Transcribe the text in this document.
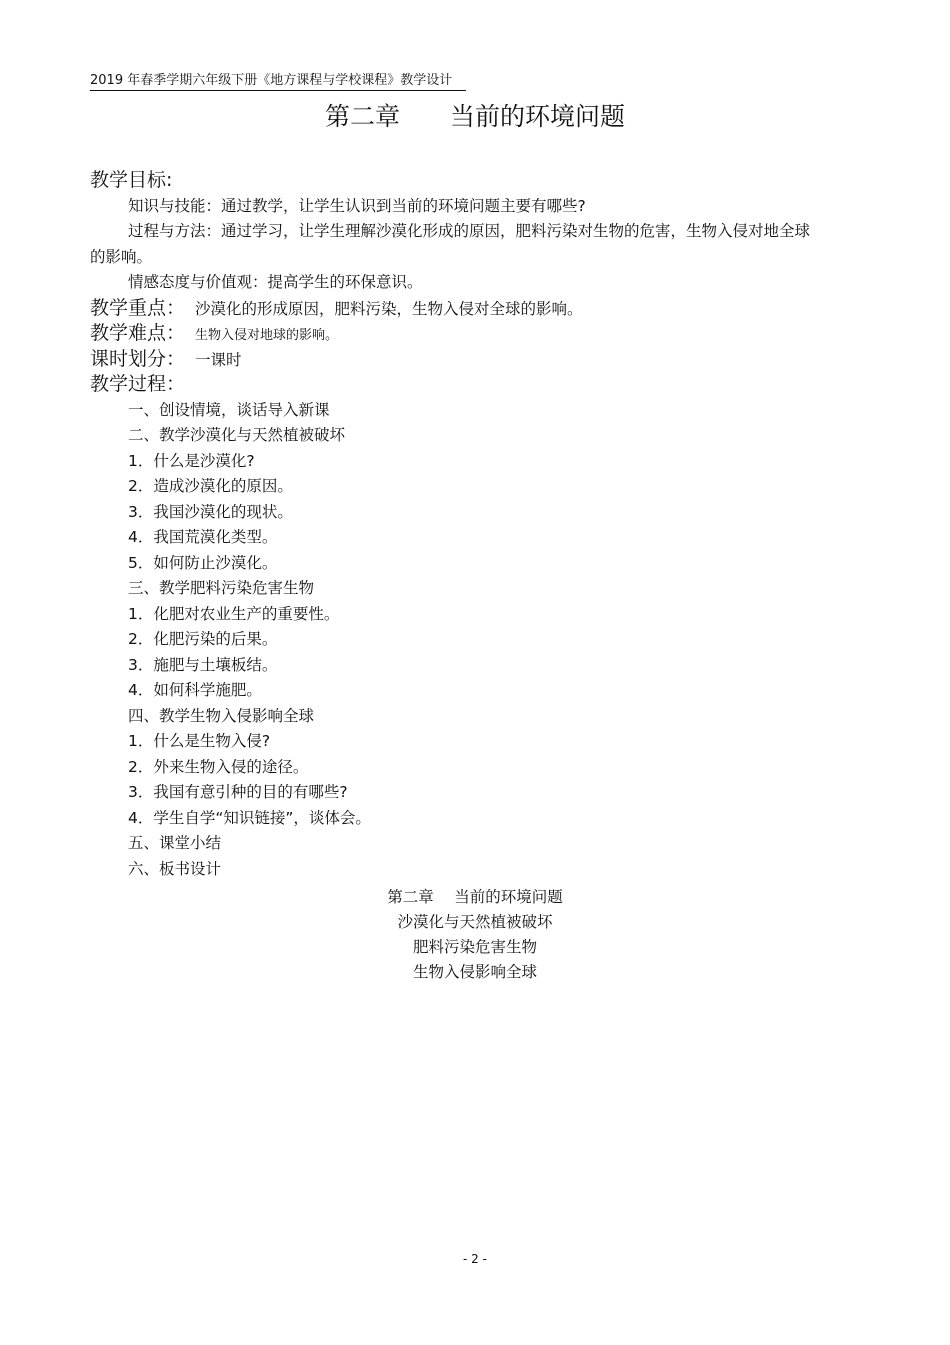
2019 年春季学期六年级下册《地方课程与学校课程》教学设计
第二章　　当前的环境问题
教学目标:
知识与技能：通过教学，让学生认识到当前的环境问题主要有哪些?
过程与方法：通过学习，让学生理解沙漠化形成的原因，肥料污染对生物的危害，生物入侵对地全球的影响。
情感态度与价值观：提高学生的环保意识。
教学重点： 沙漠化的形成原因，肥料污染，生物入侵对全球的影响。
教学难点： 生物入侵对地球的影响。
课时划分： 一课时
教学过程：
一、创设情境，谈话导入新课
二、教学沙漠化与天然植被破坏
1．什么是沙漠化?
2．造成沙漠化的原因。
3．我国沙漠化的现状。
4．我国荒漠化类型。
5．如何防止沙漠化。
三、教学肥料污染危害生物
1．化肥对农业生产的重要性。
2．化肥污染的后果。
3．施肥与土壤板结。
4．如何科学施肥。
四、教学生物入侵影响全球
1．什么是生物入侵?
2．外来生物入侵的途径。
3．我国有意引种的目的有哪些?
4．学生自学“知识链接”，谈体会。
五、课堂小结
六、板书设计
第二章　 当前的环境问题
沙漠化与天然植被破坏
肥料污染危害生物
生物入侵影响全球
- 2 -
